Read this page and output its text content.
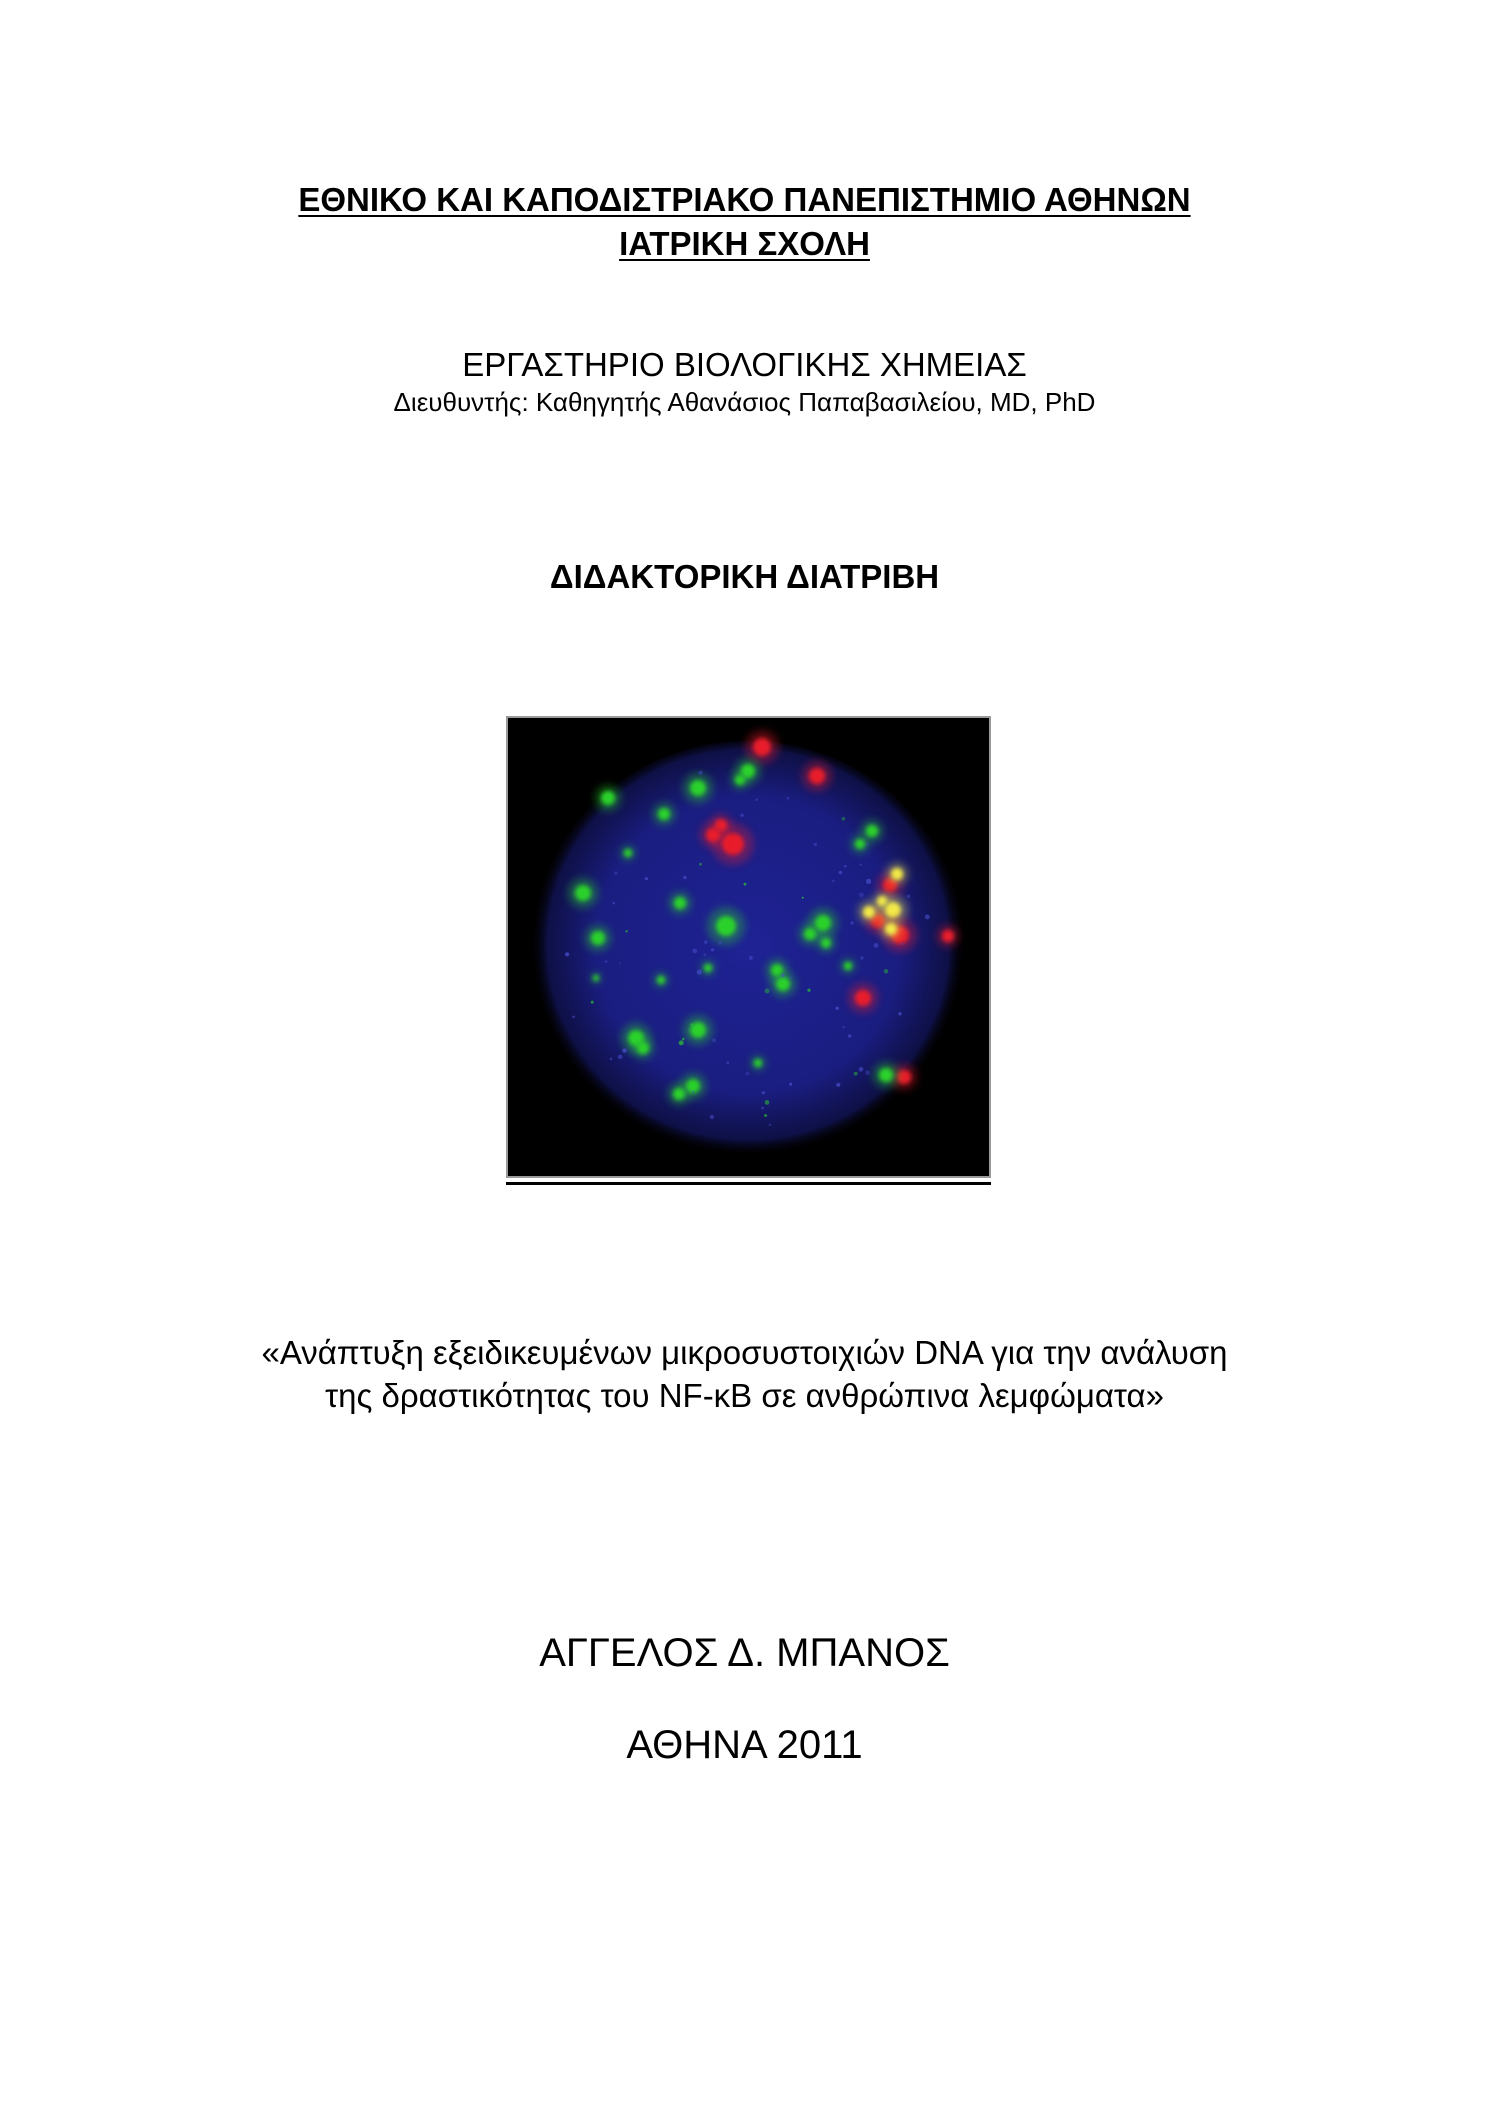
ΕΘΝΙΚΟ ΚΑΙ ΚΑΠΟΔΙΣΤΡΙΑΚΟ ΠΑΝΕΠΙΣΤΗΜΙΟ ΑΘΗΝΩΝ
ΙΑΤΡΙΚΗ ΣΧΟΛΗ
ΕΡΓΑΣΤΗΡΙΟ ΒΙΟΛΟΓΙΚΗΣ ΧΗΜΕΙΑΣ
Διευθυντής: Καθηγητής Αθανάσιος Παπαβασιλείου, MD, PhD
ΔΙΔΑΚΤΟΡΙΚΗ ΔΙΑΤΡΙΒΗ
«Ανάπτυξη εξειδικευμένων μικροσυστοιχιών DNA για την ανάλυση
της δραστικότητας του NF-κB σε ανθρώπινα λεμφώματα»
ΑΓΓΕΛΟΣ Δ. ΜΠΑΝΟΣ
ΑΘΗΝΑ 2011
